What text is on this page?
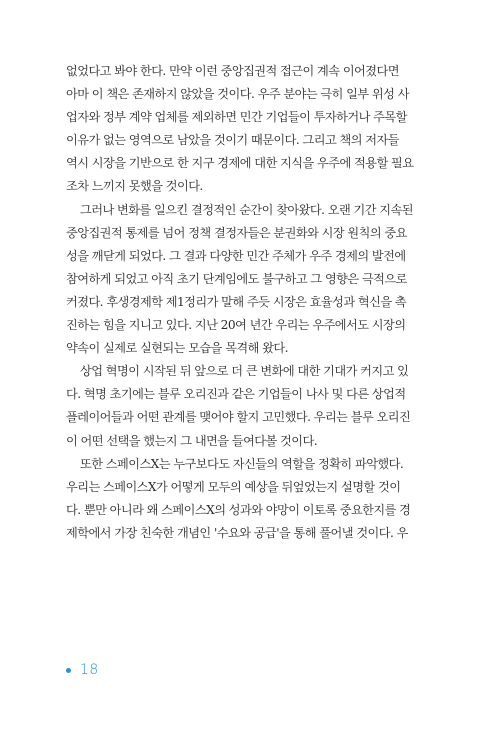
없었다고 봐야 한다. 만약 이런 중앙집권적 접근이 계속 이어졌다면
아마 이 책은 존재하지 않았을 것이다. 우주 분야는 극히 일부 위성 사
업자와 정부 계약 업체를 제외하면 민간 기업들이 투자하거나 주목할
이유가 없는 영역으로 남았을 것이기 때문이다. 그리고 책의 저자들
역시 시장을 기반으로 한 지구 경제에 대한 지식을 우주에 적용할 필요
조차 느끼지 못했을 것이다.
그러나 변화를 일으킨 결정적인 순간이 찾아왔다. 오랜 기간 지속된
중앙집권적 통제를 넘어 정책 결정자들은 분권화와 시장 원칙의 중요
성을 깨닫게 되었다. 그 결과 다양한 민간 주체가 우주 경제의 발전에
참여하게 되었고 아직 초기 단계임에도 불구하고 그 영향은 극적으로
커졌다. 후생경제학 제1정리가 말해 주듯 시장은 효율성과 혁신을 촉
진하는 힘을 지니고 있다. 지난 20여 년간 우리는 우주에서도 시장의
약속이 실제로 실현되는 모습을 목격해 왔다.
상업 혁명이 시작된 뒤 앞으로 더 큰 변화에 대한 기대가 커지고 있
다. 혁명 초기에는 블루 오리진과 같은 기업들이 나사 및 다른 상업적
플레이어들과 어떤 관계를 맺어야 할지 고민했다. 우리는 블루 오리진
이 어떤 선택을 했는지 그 내면을 들여다볼 것이다.
또한 스페이스X는 누구보다도 자신들의 역할을 정확히 파악했다.
우리는 스페이스X가 어떻게 모두의 예상을 뒤엎었는지 설명할 것이
다. 뿐만 아니라 왜 스페이스X의 성과와 야망이 이토록 중요한지를 경
제학에서 가장 친숙한 개념인 '수요와 공급'을 통해 풀어낼 것이다. 우
18
